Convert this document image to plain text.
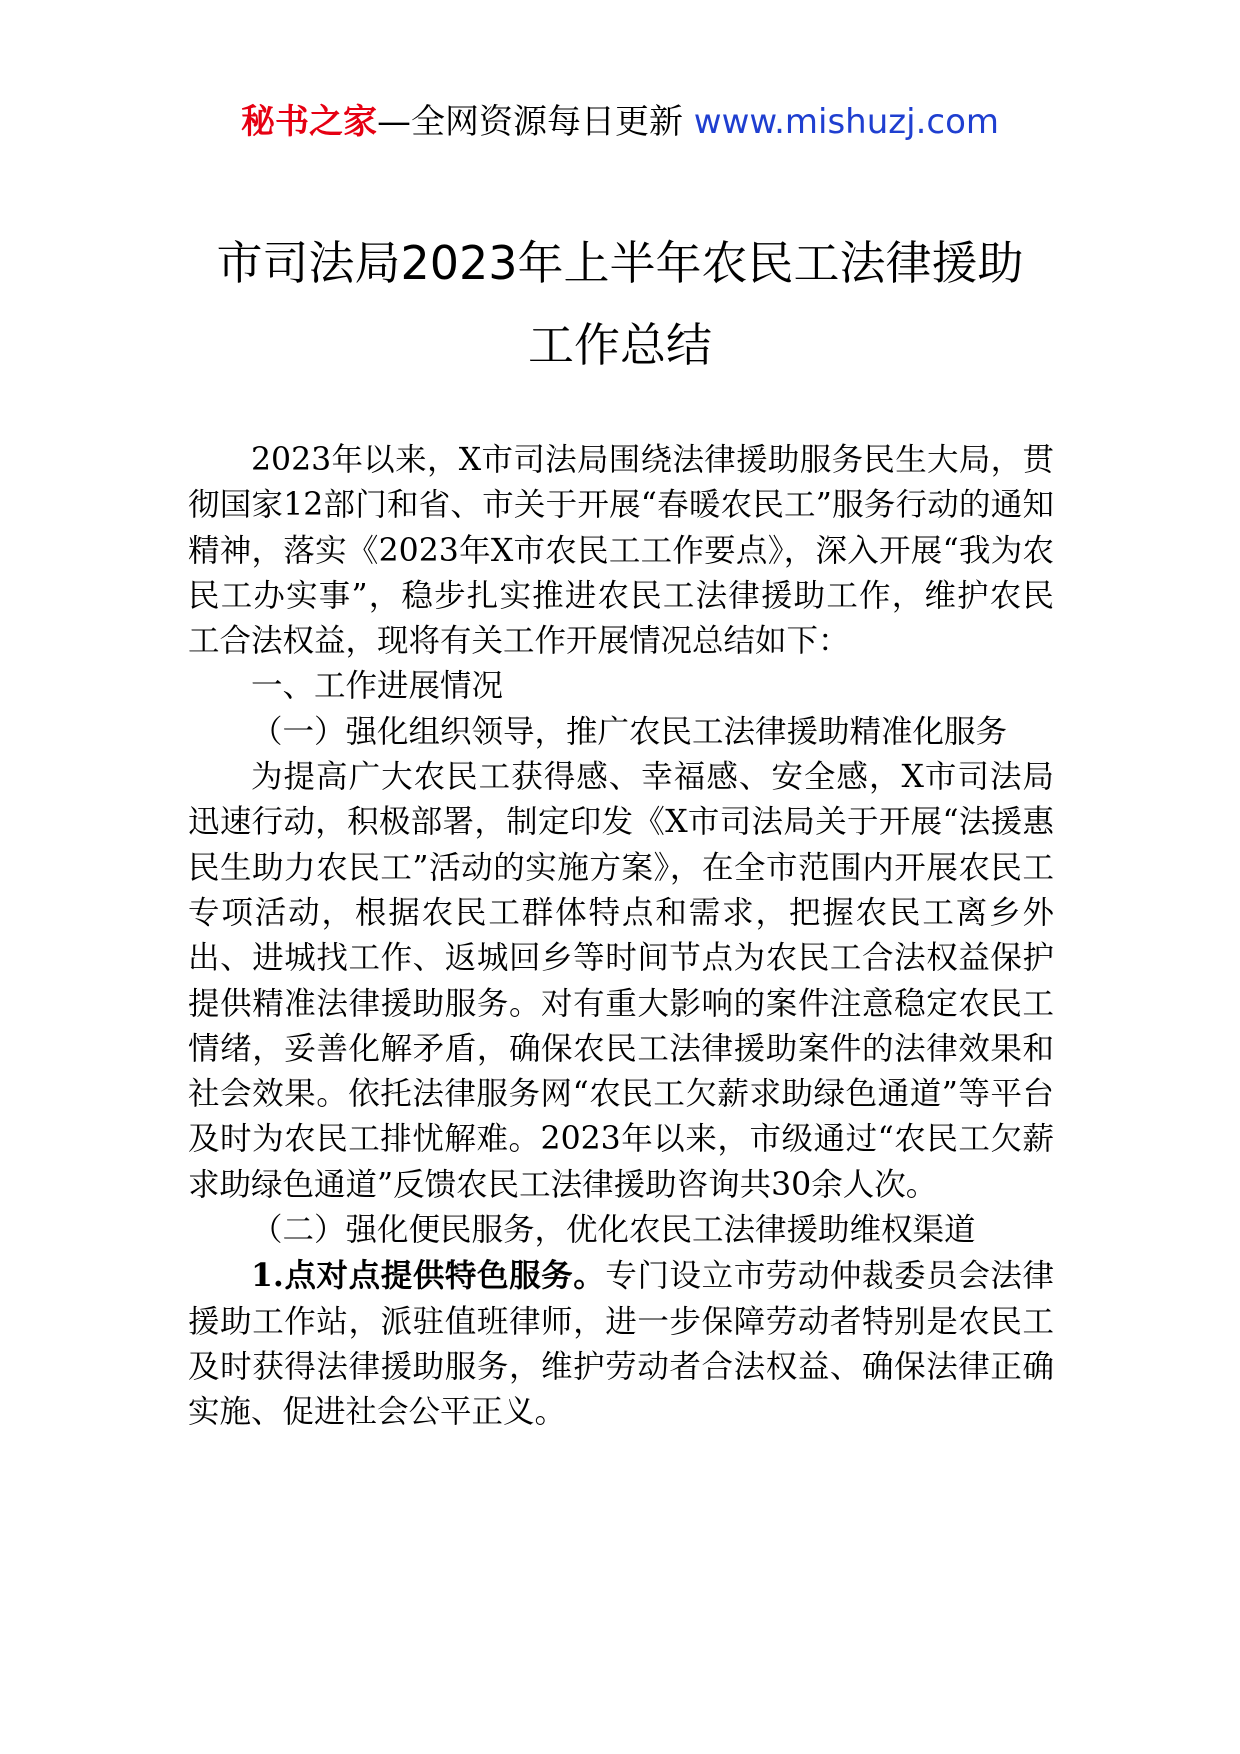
秘书之家—全网资源每日更新 www.mishuzj.com
市司法局2023年上半年农民工法律援助
工作总结

2023年以来，X市司法局围绕法律援助服务民生大局，贯彻国家12部门和省、市关于开展“春暖农民工”服务行动的通知精神，落实《2023年X市农民工工作要点》，深入开展“我为农民工办实事”，稳步扎实推进农民工法律援助工作，维护农民工合法权益，现将有关工作开展情况总结如下：

一、工作进展情况

（一）强化组织领导，推广农民工法律援助精准化服务

为提高广大农民工获得感、幸福感、安全感，X市司法局迅速行动，积极部署，制定印发《X市司法局关于开展“法援惠民生助力农民工”活动的实施方案》，在全市范围内开展农民工专项活动，根据农民工群体特点和需求，把握农民工离乡外出、进城找工作、返城回乡等时间节点为农民工合法权益保护提供精准法律援助服务。对有重大影响的案件注意稳定农民工情绪，妥善化解矛盾，确保农民工法律援助案件的法律效果和社会效果。依托法律服务网“农民工欠薪求助绿色通道”等平台及时为农民工排忧解难。2023年以来，市级通过“农民工欠薪求助绿色通道”反馈农民工法律援助咨询共30余人次。

（二）强化便民服务，优化农民工法律援助维权渠道

1.点对点提供特色服务。专门设立市劳动仲裁委员会法律援助工作站，派驻值班律师，进一步保障劳动者特别是农民工及时获得法律援助服务，维护劳动者合法权益、确保法律正确实施、促进社会公平正义。
